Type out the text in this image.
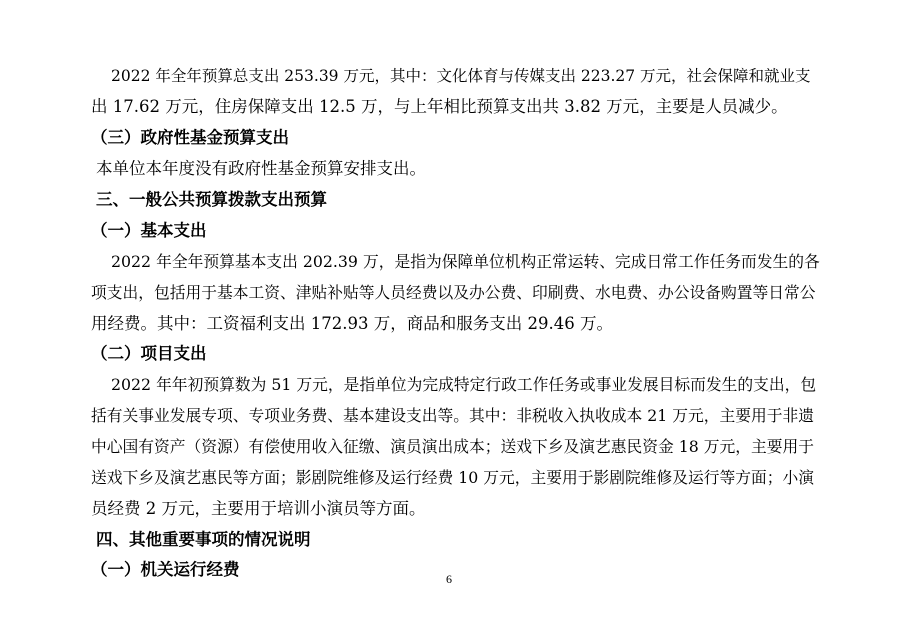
2022 年全年预算总支出 253.39 万元，其中：文化体育与传媒支出 223.27 万元，社会保障和就业支
出 17.62 万元，住房保障支出 12.5 万，与上年相比预算支出共 3.82 万元，主要是人员减少。
（三）政府性基金预算支出
本单位本年度没有政府性基金预算安排支出。
三、一般公共预算拨款支出预算
（一）基本支出
2022 年全年预算基本支出 202.39 万，是指为保障单位机构正常运转、完成日常工作任务而发生的各
项支出，包括用于基本工资、津贴补贴等人员经费以及办公费、印刷费、水电费、办公设备购置等日常公
用经费。其中：工资福利支出 172.93 万，商品和服务支出 29.46 万。
（二）项目支出
2022 年年初预算数为 51 万元，是指单位为完成特定行政工作任务或事业发展目标而发生的支出，包
括有关事业发展专项、专项业务费、基本建设支出等。其中：非税收入执收成本 21 万元，主要用于非遗
中心国有资产（资源）有偿使用收入征缴、演员演出成本；送戏下乡及演艺惠民资金 18 万元，主要用于
送戏下乡及演艺惠民等方面；影剧院维修及运行经费 10 万元，主要用于影剧院维修及运行等方面；小演
员经费 2 万元，主要用于培训小演员等方面。
四、其他重要事项的情况说明
（一）机关运行经费	6
